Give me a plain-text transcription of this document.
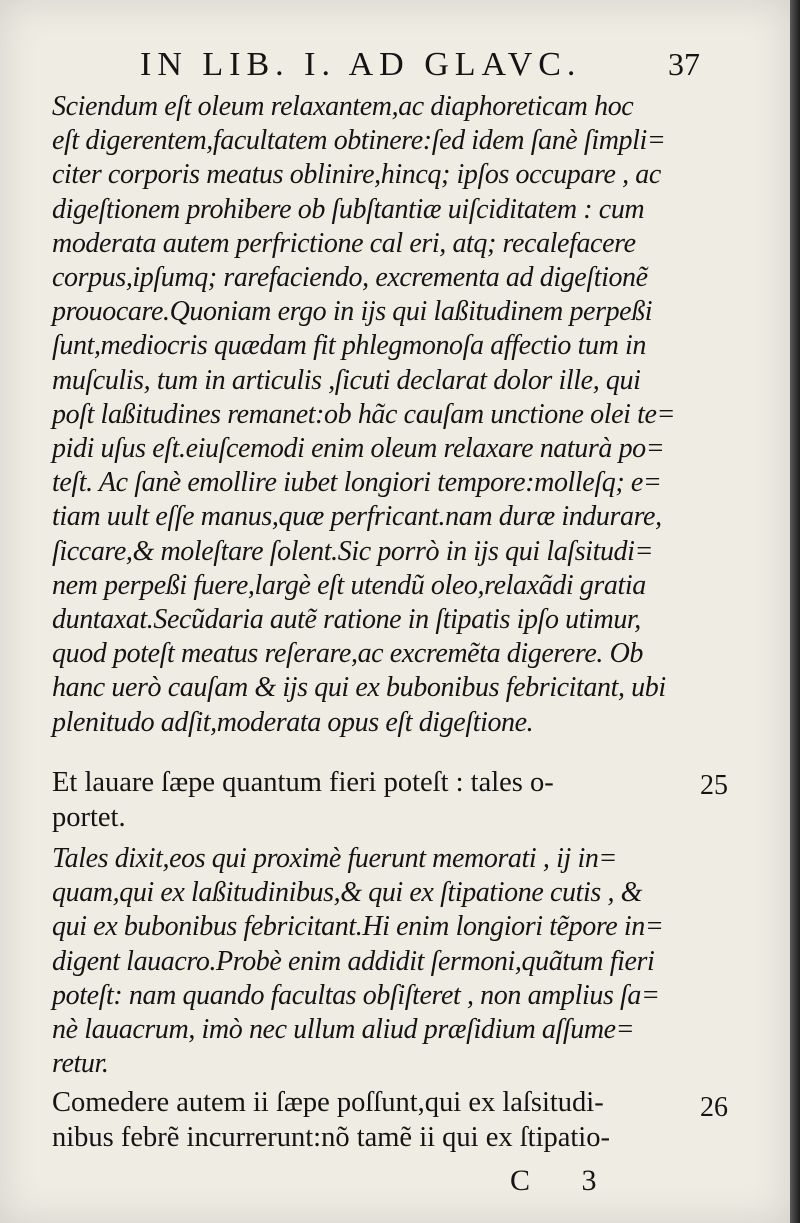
IN LIB. I. AD GLAVC.	37

Sciendum eſt oleum relaxantem,ac diaphoreticam hoc

eſt digerentem,facultatem obtinere:ſed idem ſanè ſimpli=

citer corporis meatus oblinire,hincq; ipſos occupare , ac

digeſtionem prohibere ob ſubſtantiæ uiſciditatem : cum

moderata autem perfrictione cal eri, atq; recalefacere

corpus,ipſumq; rarefaciendo, excrementa ad digeſtionẽ

prouocare.Quoniam ergo in ijs qui laßitudinem perpeßi

ſunt,mediocris quædam fit phlegmonoſa affectio tum in

muſculis, tum in articulis ,ſicuti declarat dolor ille, qui

poſt laßitudines remanet:ob hãc cauſam unctione olei te=

pidi uſus eſt.eiuſcemodi enim oleum relaxare naturà po=

teſt. Ac ſanè emollire iubet longiori tempore:molleſq; e=

tiam uult eſſe manus,quæ perfricant.nam duræ indurare,

ſiccare,& moleſtare ſolent.Sic porrò in ijs qui laſsitudi=

nem perpeßi fuere,largè eſt utendũ oleo,relaxãdi gratia

duntaxat.Secũdaria autẽ ratione in ſtipatis ipſo utimur,

quod poteſt meatus reſerare,ac excremẽta digerere. Ob

hanc uerò cauſam & ijs qui ex bubonibus febricitant, ubi

plenitudo adſit,moderata opus eſt digeſtione.

Et lauare ſæpe quantum fieri poteſt : tales o-

portet.

25

Tales dixit,eos qui proximè fuerunt memorati , ij in=

quam,qui ex laßitudinibus,& qui ex ſtipatione cutis , &

qui ex bubonibus febricitant.Hi enim longiori tẽpore in=

digent lauacro.Probè enim addidit ſermoni,quãtum fieri

poteſt: nam quando facultas obſiſteret , non amplius ſa=

nè lauacrum, imò nec ullum aliud præſidium aſſume=

retur.

Comedere autem ii ſæpe poſſunt,qui ex laſsitudi-

nibus febrẽ incurrerunt:nõ tamẽ ii qui ex ſtipatio-

26
C 3
